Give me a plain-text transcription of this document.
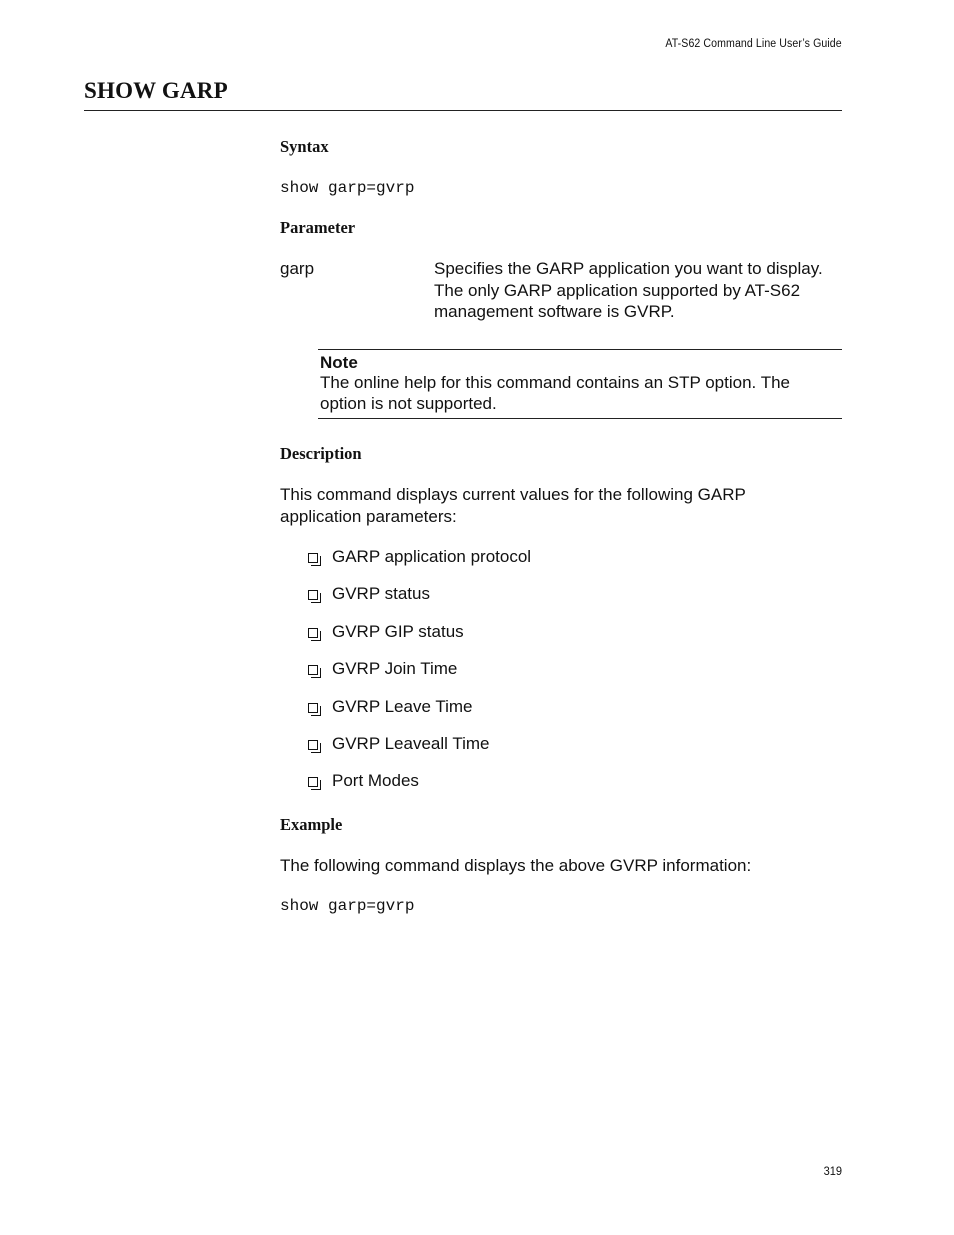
AT-S62 Command Line User’s Guide
SHOW GARP
Syntax
show garp=gvrp
Parameter
garp	Specifies the GARP application you want to display. The only GARP application supported by AT-S62 management software is GVRP.
Note
The online help for this command contains an STP option. The option is not supported.
Description
This command displays current values for the following GARP application parameters:
GARP application protocol
GVRP status
GVRP GIP status
GVRP Join Time
GVRP Leave Time
GVRP Leaveall Time
Port Modes
Example
The following command displays the above GVRP information:
show garp=gvrp
319
